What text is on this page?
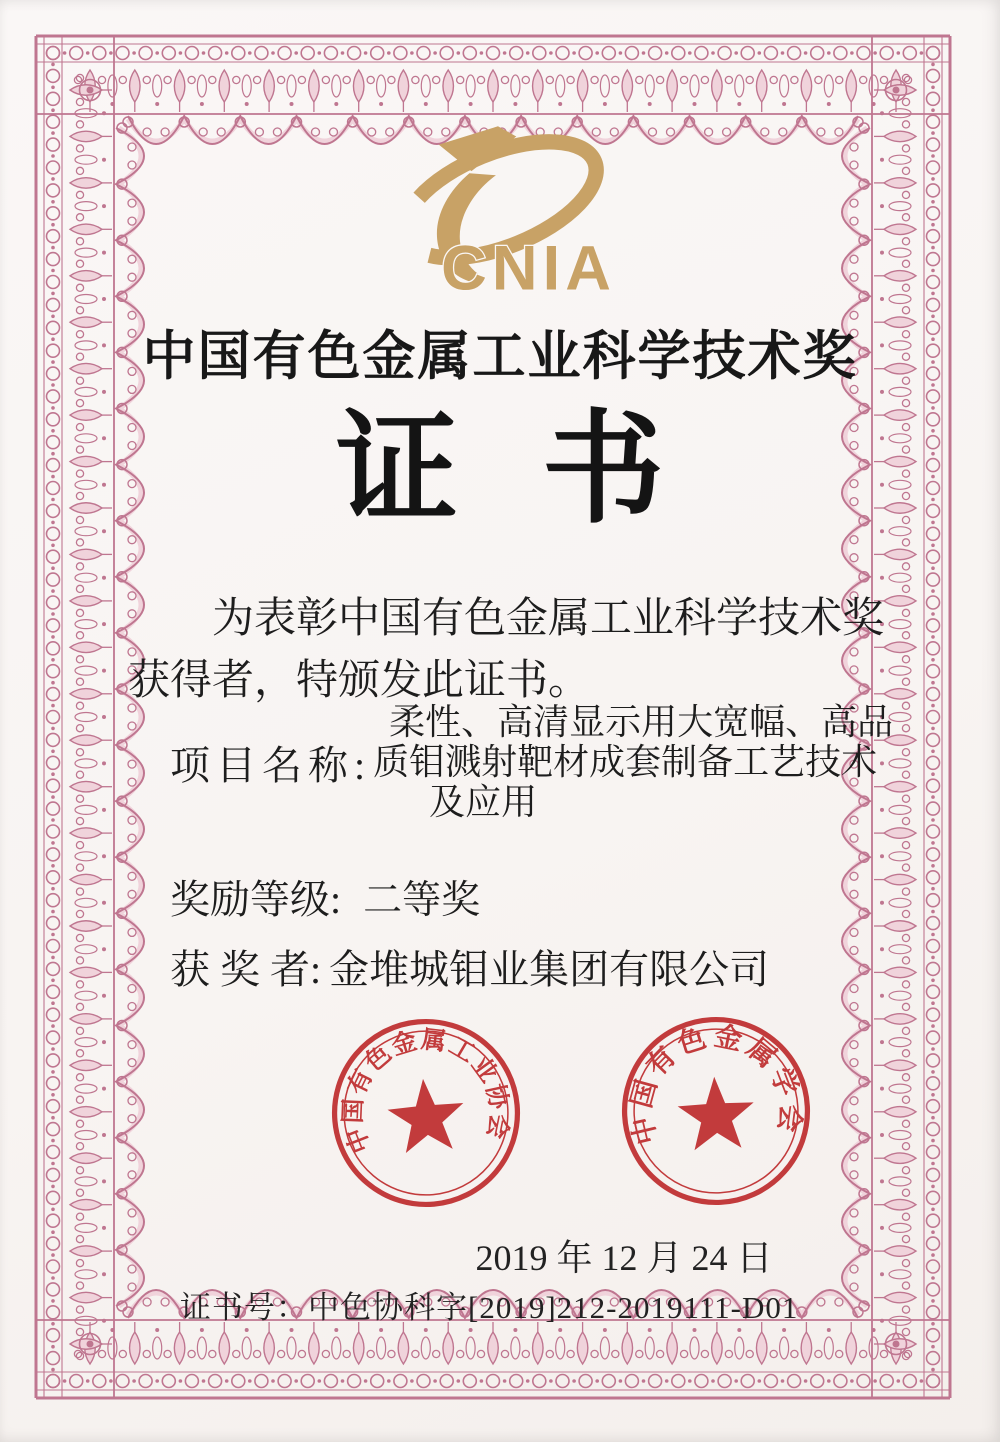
CNIA
中国有色金属工业科学技术奖
证 书
为表彰中国有色金属工业科学技术奖
获得者，特颁发此证书。
项目名称:
柔性、高清显示用大宽幅、高品
质钼溅射靶材成套制备工艺技术
及应用
奖励等级: 二等奖
获 奖 者: 金堆城钼业集团有限公司
中国有色金属工业协会	中国有色金属学会
2019 年 12 月 24 日
证书号：中色协科字[2019]212-2019111-D01
